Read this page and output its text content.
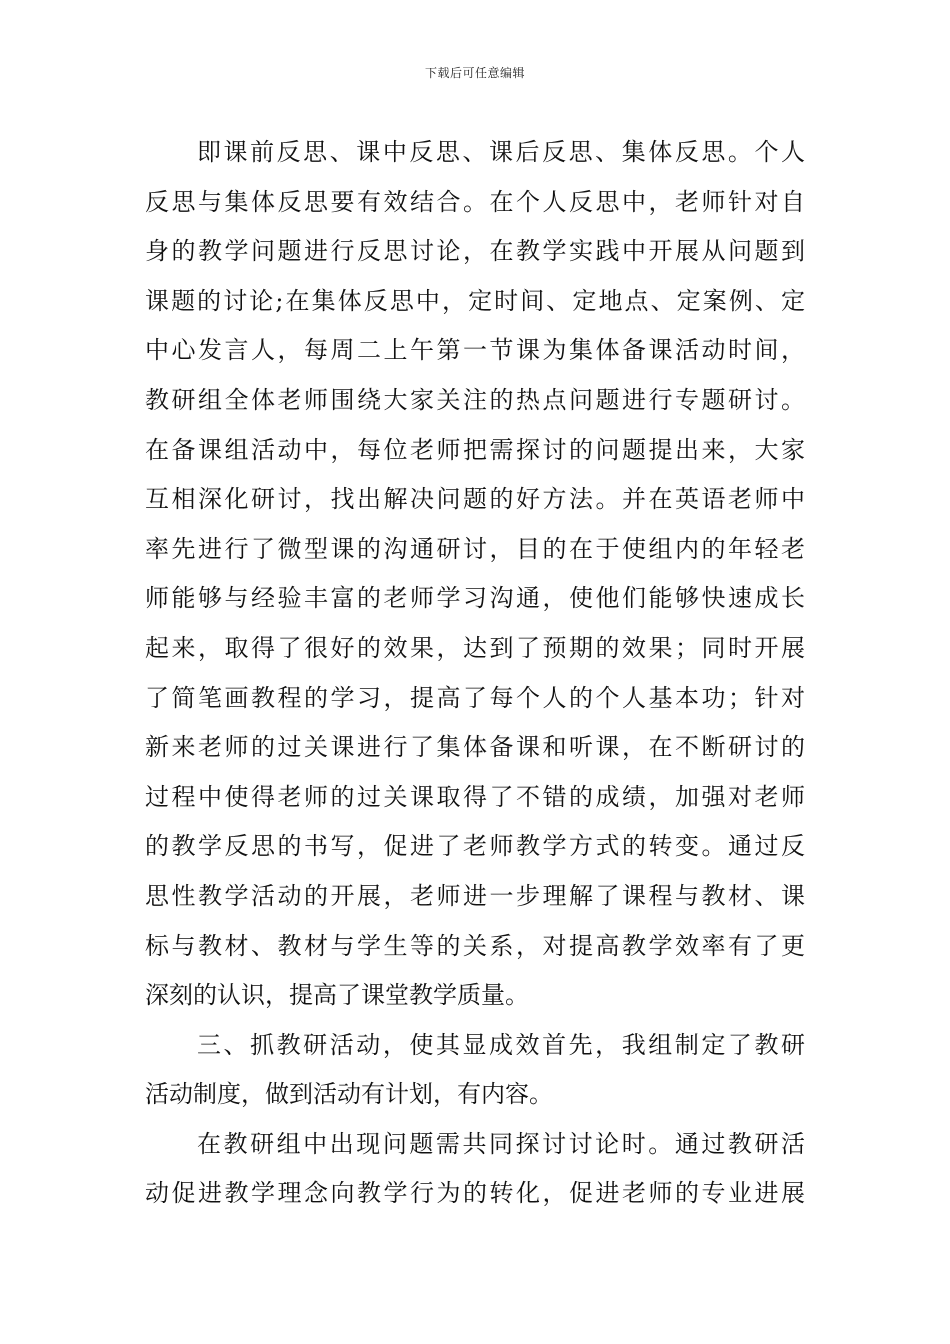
下载后可任意编辑
即课前反思、课中反思、课后反思、集体反思。个人
反思与集体反思要有效结合。在个人反思中，老师针对自
身的教学问题进行反思讨论，在教学实践中开展从问题到
课题的讨论;在集体反思中，定时间、定地点、定案例、定
中心发言人，每周二上午第一节课为集体备课活动时间，
教研组全体老师围绕大家关注的热点问题进行专题研讨。
在备课组活动中，每位老师把需探讨的问题提出来，大家
互相深化研讨，找出解决问题的好方法。并在英语老师中
率先进行了微型课的沟通研讨，目的在于使组内的年轻老
师能够与经验丰富的老师学习沟通，使他们能够快速成长
起来，取得了很好的效果，达到了预期的效果；同时开展
了简笔画教程的学习，提高了每个人的个人基本功；针对
新来老师的过关课进行了集体备课和听课，在不断研讨的
过程中使得老师的过关课取得了不错的成绩，加强对老师
的教学反思的书写，促进了老师教学方式的转变。通过反
思性教学活动的开展，老师进一步理解了课程与教材、课
标与教材、教材与学生等的关系，对提高教学效率有了更
深刻的认识，提高了课堂教学质量。
三、抓教研活动，使其显成效首先，我组制定了教研
活动制度，做到活动有计划，有内容。
在教研组中出现问题需共同探讨讨论时。通过教研活
动促进教学理念向教学行为的转化，促进老师的专业进展
